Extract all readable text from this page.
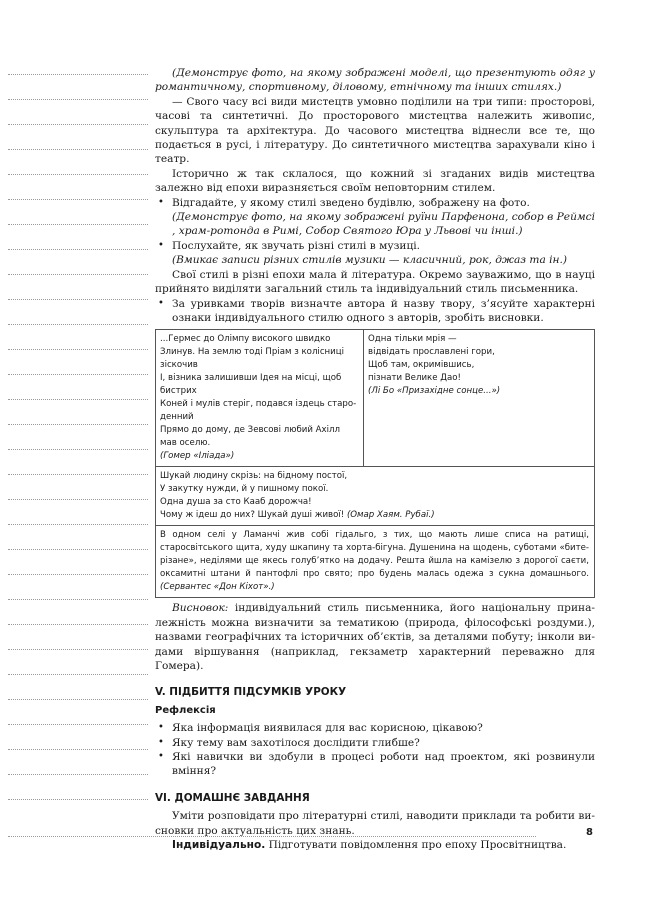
(Демонструє фото, на якому зображені моделі, що презентують одяг у романтичному, спортивному, діловому, етнічному та інших стилях.)
— Свого часу всі види мистецтв умовно поділили на три типи: просторові, часові та синтетичні. До просторового мистецтва належить живопис, скульптура та архітектура. До часового мистецтва віднесли все те, що подається в русі, і літературу. До синтетичного мистецтва зарахували кіно і театр.
Історично ж так склалося, що кожний зі згаданих видів мистецтва залежно від епохи виразняється своїм неповторним стилем.
• Відгадайте, у якому стилі зведено будівлю, зображену на фото.
(Демонструє фото, на якому зображені руїни Парфенона, собор в Реймсі , храм-ротонда в Римі, Собор Святого Юра у Львові чи інші.)
• Послухайте, як звучать різні стилі в музиці.
(Вмикає записи різних стилів музики — класичний, рок, джаз та ін.)
Свої стилі в різні епохи мала й література. Окремо зауважимо, що в науці прийнято виділяти загальний стиль та індивідуальний стиль письменника.
• За уривками творів визначте автора й назву твору, з’ясуйте характерні ознаки індивідуального стилю одного з авторів, зробіть висновки.
...Гермес до Олімпу високого швидко
Злинув. На землю тоді Пріам з колісниці зіскочив
І, візника залишивши Ідея на місці, щоб бистрих
Коней і мулів стеріг, подався іздець староденний
Прямо до дому, де Зевсові любий Ахілл мав оселю.
(Гомер «Іліада»)

Одна тільки мрія —
відвідать прославлені гори,
Щоб там, окримівшись,
пізнати Велике Дао!
(Лі Бо «Призахідне сонце...»)

Шукай людину скрізь: на бідному постої,
У закутку нужди, й у пишному покої.
Одна душа за сто Кааб дорожча!
Чому ж ідеш до них? Шукай душі живої! (Омар Хаям. Рубаї.)

В одном селі у Ламанчі жив собі гідальго, з тих, що мають лише списа на ратищі, старосвітського щита, худу шкапину та хорта-бігуна. Душенина на щодень, суботами «бите-різане», неділями ще якесь голуб’ятко на додачу. Решта йшла на камізелю з дорогої саєти, оксамитні штани й пантофлі про свято; про будень малась одежа з сукна домашнього. (Сервантес «Дон Кіхот».)
Висновок: індивідуальний стиль письменника, його національну приналежність можна визначити за тематикою (природа, філософські роздуми.), назвами географічних та історичних об’єктів, за деталями побуту; інколи видами віршування (наприклад, гекзаметр характерний переважно для Гомера).
V. ПІДБИТТЯ ПІДСУМКІВ УРОКУ
Рефлексія
• Яка інформація виявилася для вас корисною, цікавою?
• Яку тему вам захотілося дослідити глибше?
• Які навички ви здобули в процесі роботи над проектом, які розвинули вміння?
VI. ДОМАШНЄ ЗАВДАННЯ
Уміти розповідати про літературні стилі, наводити приклади та робити висновки про актуальність цих знань.
Індивідуально. Підготувати повідомлення про епоху Просвітництва.
8
